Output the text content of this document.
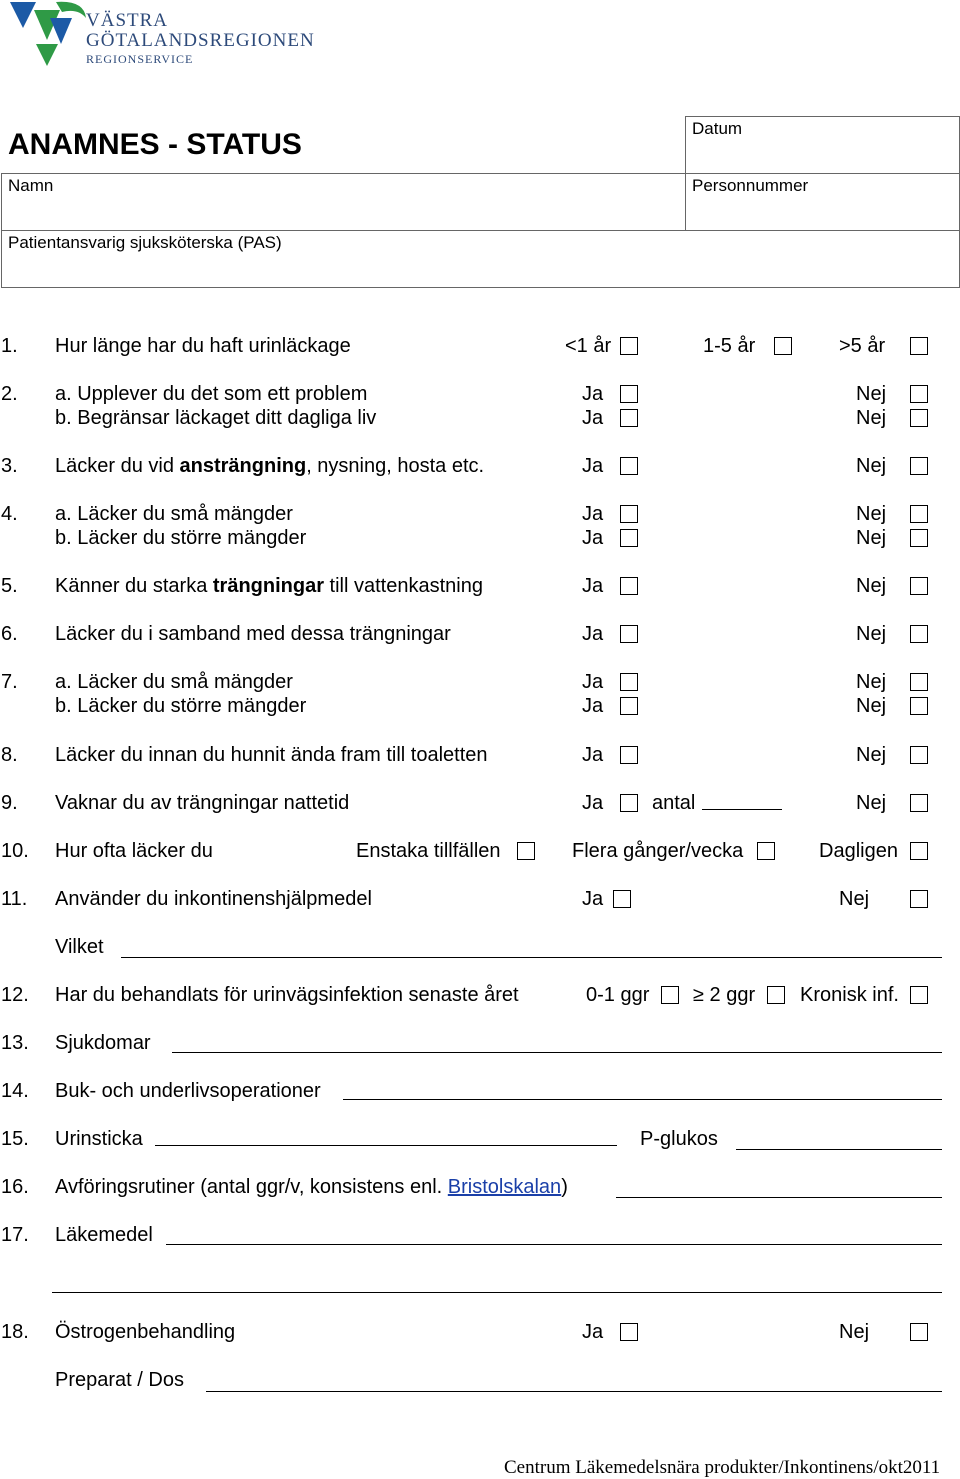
VÄSTRA
GÖTALANDSREGIONEN
REGIONSERVICE
ANAMNES - STATUS	Datum
Namn	Personnummer
Patientansvarig sjuksköterska (PAS)
1. Hur länge har du haft urinläckage	<1 år	1-5 år	>5 år
2. a. Upplever du det som ett problem	Ja	Nej
b. Begränsar läckaget ditt dagliga liv	Ja	Nej
3. Läcker du vid ansträngning, nysning, hosta etc.	Ja	Nej
4. a. Läcker du små mängder	Ja	Nej
b. Läcker du större mängder	Ja	Nej
5. Känner du starka trängningar till vattenkastning	Ja	Nej
6. Läcker du i samband med dessa trängningar	Ja	Nej
7. a. Läcker du små mängder	Ja	Nej
b. Läcker du större mängder	Ja	Nej
8. Läcker du innan du hunnit ända fram till toaletten	Ja	Nej
9. Vaknar du av trängningar nattetid	Ja antal	Nej
10. Hur ofta läcker du	Enstaka tillfällen	Flera gånger/vecka	Dagligen
11. Använder du inkontinenshjälpmedel	Ja	Nej
Vilket
12. Har du behandlats för urinvägsinfektion senaste året	0-1 ggr ≥ 2 ggr Kronisk inf.
13. Sjukdomar
14. Buk- och underlivsoperationer
15. Urinsticka	P-glukos
16. Avföringsrutiner (antal ggr/v, konsistens enl. Bristolskalan)
17. Läkemedel
18. Östrogenbehandling	Ja	Nej
Preparat / Dos
Centrum Läkemedelsnära produkter/Inkontinens/okt2011
